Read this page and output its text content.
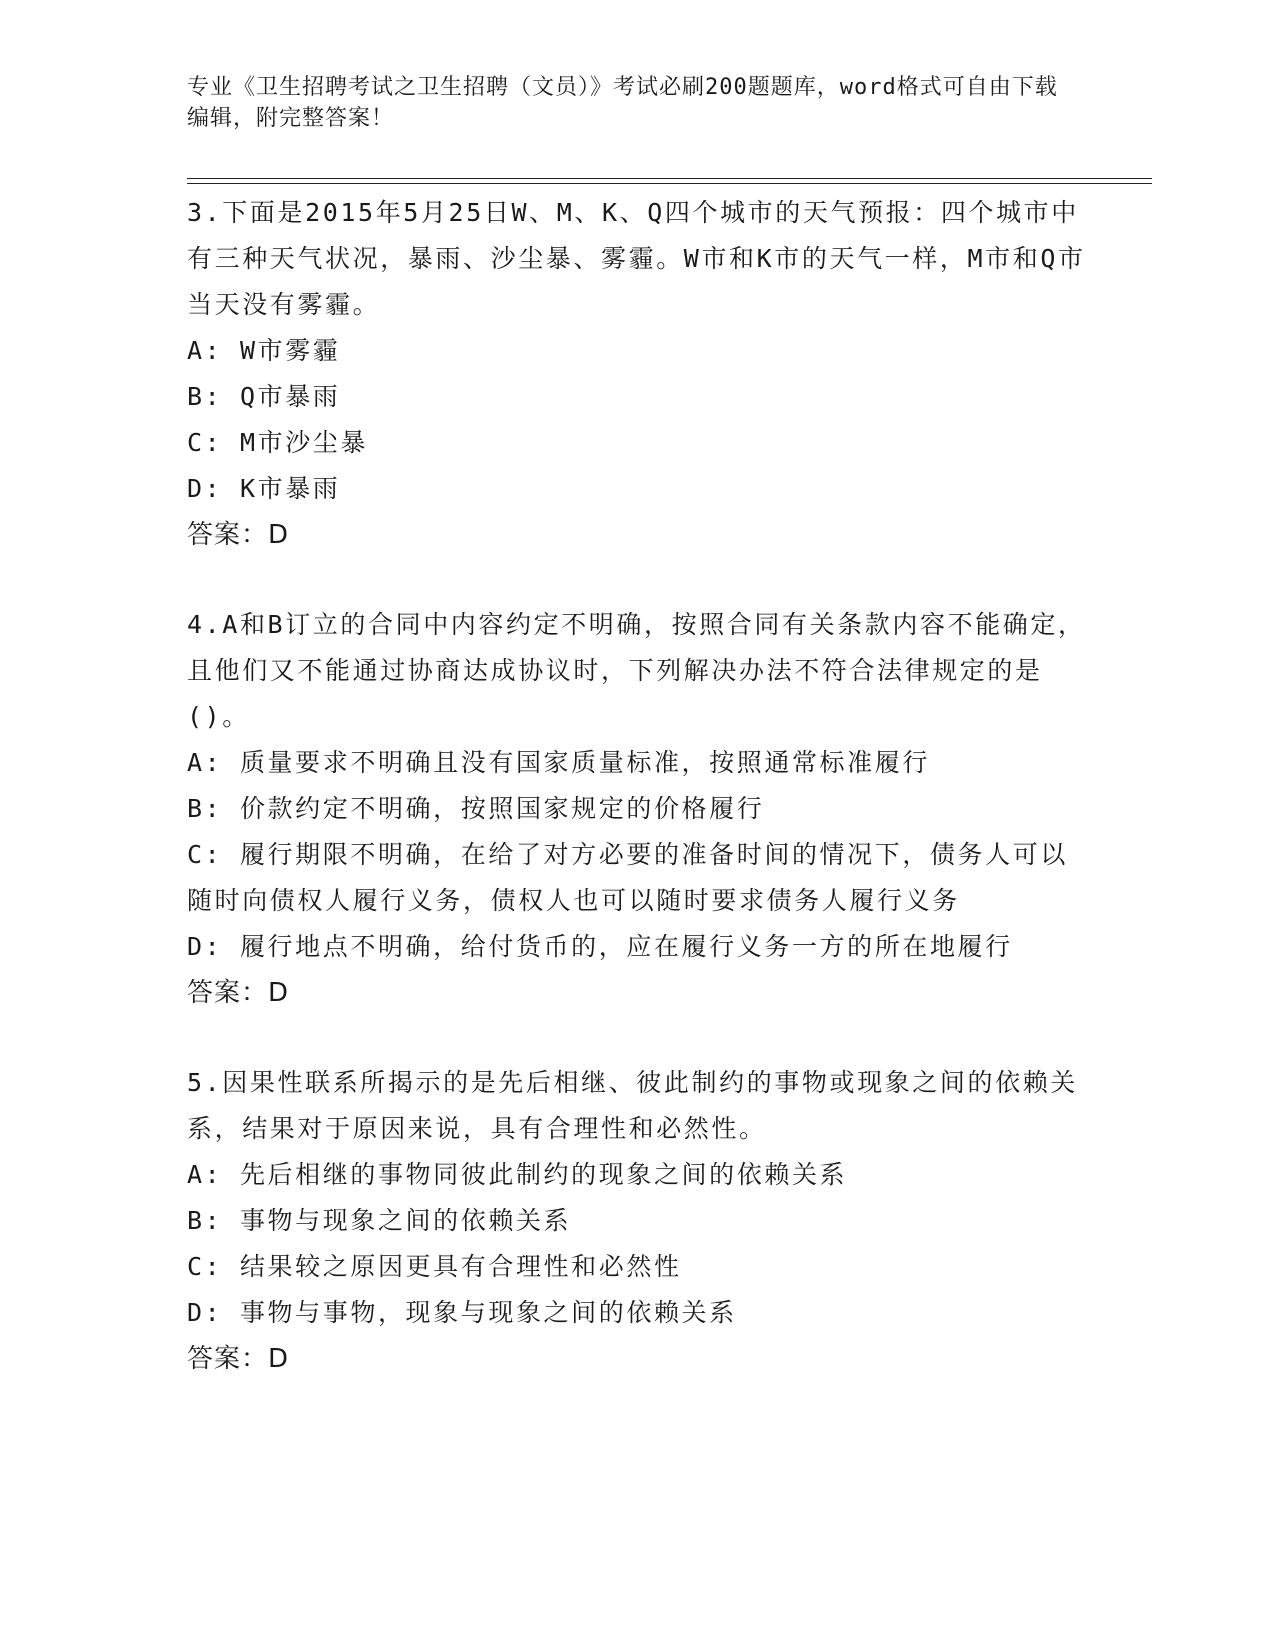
专业《卫生招聘考试之卫生招聘（文员）》考试必刷200题题库，word格式可自由下载编辑，附完整答案！

3.下面是2015年5月25日W、M、K、Q四个城市的天气预报：四个城市中有三种天气状况，暴雨、沙尘暴、雾霾。W市和K市的天气一样，M市和Q市当天没有雾霾。

A: W市雾霾

B: Q市暴雨

C: M市沙尘暴

D: K市暴雨

答案：D

4.A和B订立的合同中内容约定不明确，按照合同有关条款内容不能确定，且他们又不能通过协商达成协议时，下列解决办法不符合法律规定的是()。

A: 质量要求不明确且没有国家质量标准，按照通常标准履行

B: 价款约定不明确，按照国家规定的价格履行

C: 履行期限不明确，在给了对方必要的准备时间的情况下，债务人可以随时向债权人履行义务，债权人也可以随时要求债务人履行义务

D: 履行地点不明确，给付货币的，应在履行义务一方的所在地履行

答案：D

5.因果性联系所揭示的是先后相继、彼此制约的事物或现象之间的依赖关系，结果对于原因来说，具有合理性和必然性。

A: 先后相继的事物同彼此制约的现象之间的依赖关系

B: 事物与现象之间的依赖关系

C: 结果较之原因更具有合理性和必然性

D: 事物与事物，现象与现象之间的依赖关系

答案：D
